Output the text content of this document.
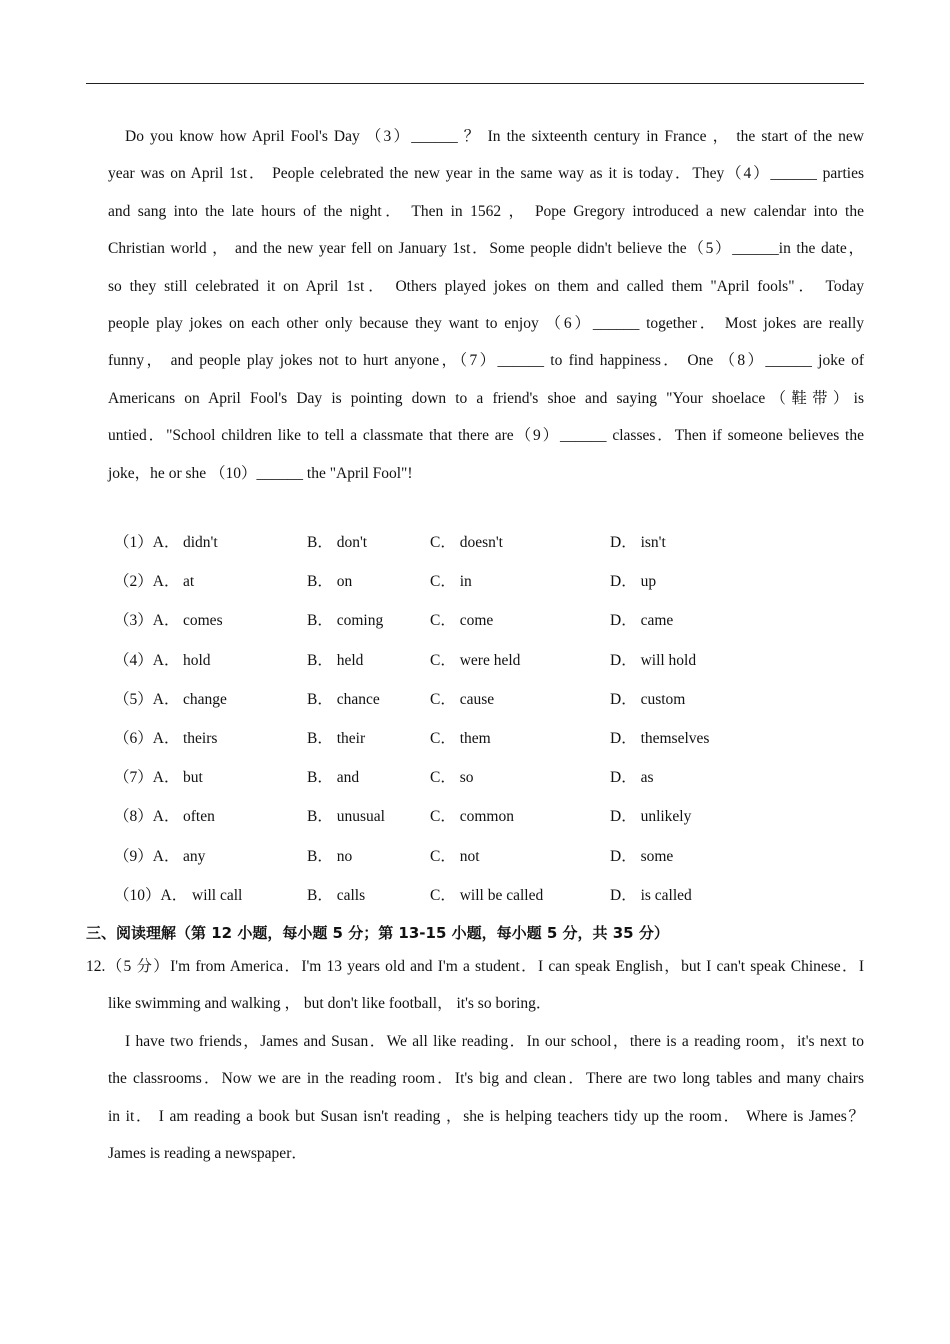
Do you know how April Fool's Day （3）______ ？ In the sixteenth century in France ， the start of the new

year was on April 1st． People celebrated the new year in the same way as it is today．They（4）______ parties

and sang into the late hours of the night． Then in 1562 ， Pope Gregory introduced a new calendar into the

Christian world ， and the new year fell on January 1st．Some people didn't believe the（5）______in the date，

so they still celebrated it on April 1st． Others played jokes on them and called them "April fools"． Today

people play jokes on each other only because they want to enjoy （6）______ together． Most jokes are really

funny， and people play jokes not to hurt anyone，（7）______ to find happiness． One （8）______ joke of

Americans on April Fool's Day is pointing down to a friend's shoe and saying "Your shoelace（鞋带）is

untied．"School children like to tell a classmate that there are（9）______ classes．Then if someone believes the

joke，he or she （10）______ the "April Fool"!

（1）A． didn't	B． don't	C． doesn't	D． isn't
（2）A． at	B． on	C． in	D． up
（3）A． comes	B． coming	C． come	D． came
（4）A． hold	B． held	C． were held	D． will hold
（5）A． change	B． chance	C． cause	D． custom
（6）A． theirs	B． their	C． them	D． themselves
（7）A． but	B． and	C． so	D． as
（8）A． often	B． unusual	C． common	D． unlikely
（9）A． any	B． no	C． not	D． some
（10）A． will call	B． calls	C． will be called	D． is called
三、阅读理解（第 12 小题，每小题 5 分；第 13-15 小题，每小题 5 分，共 35 分）

12.（5 分）I'm from America．I'm 13 years old and I'm a student．I can speak English，but I can't speak Chinese．I

like swimming and walking ， but don't like football， it's so boring．

I have two friends，James and Susan．We all like reading．In our school，there is a reading room，it's next to

the classrooms．Now we are in the reading room．It's big and clean．There are two long tables and many chairs

in it． I am reading a book but Susan isn't reading ，she is helping teachers tidy up the room． Where is James？

James is reading a newspaper．
